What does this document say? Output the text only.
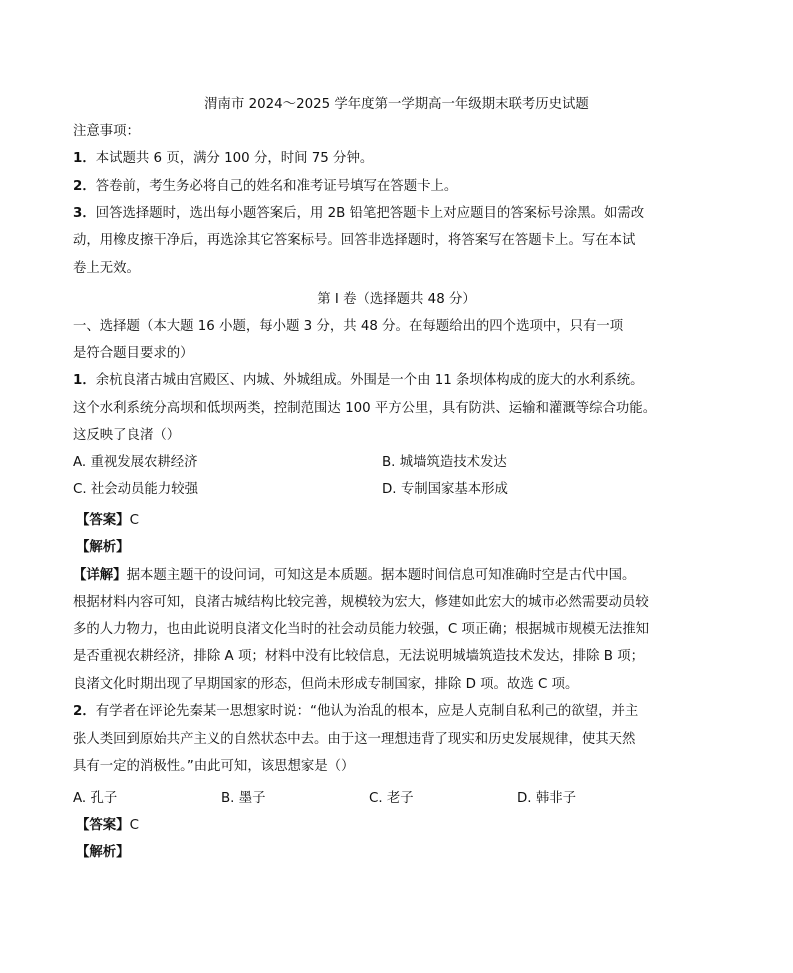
渭南市 2024～2025 学年度第一学期高一年级期末联考历史试题
注意事项：
1．本试题共 6 页，满分 100 分，时间 75 分钟。
2．答卷前，考生务必将自己的姓名和准考证号填写在答题卡上。
3．回答选择题时，选出每小题答案后，用 2B 铅笔把答题卡上对应题目的答案标号涂黑。如需改
动，用橡皮擦干净后，再选涂其它答案标号。回答非选择题时，将答案写在答题卡上。写在本试
卷上无效。
第 I 卷（选择题共 48 分）
一、选择题（本大题 16 小题，每小题 3 分，共 48 分。在每题给出的四个选项中，只有一项
是符合题目要求的）
1．余杭良渚古城由宫殿区、内城、外城组成。外围是一个由 11 条坝体构成的庞大的水利系统。
这个水利系统分高坝和低坝两类，控制范围达 100 平方公里，具有防洪、运输和灌溉等综合功能。
这反映了良渚（）
A. 重视发展农耕经济	B. 城墙筑造技术发达
C. 社会动员能力较强	D. 专制国家基本形成
【答案】C
【解析】
【详解】据本题主题干的设问词，可知这是本质题。据本题时间信息可知准确时空是古代中国。
根据材料内容可知，良渚古城结构比较完善，规模较为宏大，修建如此宏大的城市必然需要动员较
多的人力物力，也由此说明良渚文化当时的社会动员能力较强，C 项正确；根据城市规模无法推知
是否重视农耕经济，排除 A 项；材料中没有比较信息，无法说明城墙筑造技术发达，排除 B 项；
良渚文化时期出现了早期国家的形态，但尚未形成专制国家，排除 D 项。故选 C 项。
2．有学者在评论先秦某一思想家时说：“他认为治乱的根本，应是人克制自私利己的欲望，并主
张人类回到原始共产主义的自然状态中去。由于这一理想违背了现实和历史发展规律，使其天然
具有一定的消极性。”由此可知，该思想家是（）
A. 孔子	B. 墨子	C. 老子	D. 韩非子
【答案】C
【解析】
